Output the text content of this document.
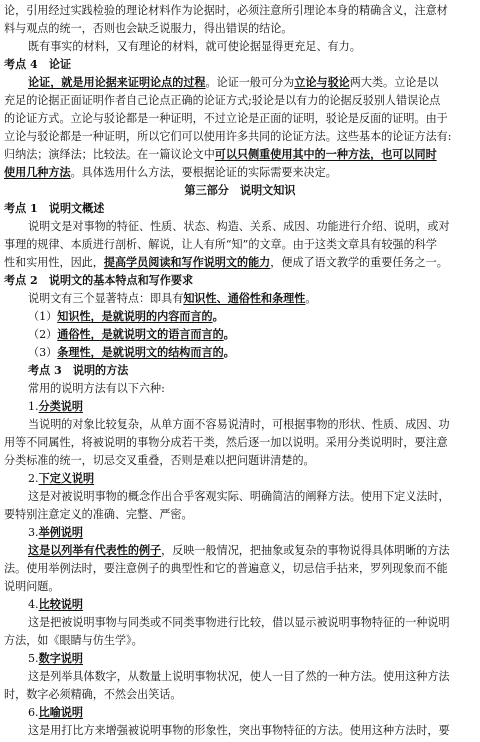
论，引用经过实践检验的理论材料作为论据时，必须注意所引理论本身的精确含义，注意材
料与观点的统一，否则也会缺乏说服力，得出错误的结论。
既有事实的材料，又有理论的材料，就可使论据显得更充足、有力。
考点 4　论证
论证，就是用论据来证明论点的过程。论证一般可分为立论与驳论两大类。立论是以
充足的论据正面证明作者自己论点正确的论证方式;驳论是以有力的论据反驳别人错误论点
的论证方式。立论与驳论都是一种证明，不过立论是正面的证明，驳论是反面的证明。由于
立论与驳论都是一种证明，所以它们可以使用许多共同的论证方法。这些基本的论证方法有:
归纳法；演绎法；比较法。在一篇议论文中可以只侧重使用其中的一种方法，也可以同时
使用几种方法。具体选用什么方法，要根据论证的实际需要来决定。
第三部分　说明文知识
考点 1　说明文概述
说明文是对事物的特征、性质、状态、构造、关系、成因、功能进行介绍、说明，或对
事理的规律、本质进行剖析、解说，让人有所“知”的文章。由于这类文章具有较强的科学
性和实用性，因此，提高学员阅读和写作说明文的能力，便成了语文教学的重要任务之一。
考点 2　说明文的基本特点和写作要求
说明文有三个显著特点：即具有知识性、通俗性和条理性。
（1）知识性，是就说明的内容而言的。
（2）通俗性，是就说明文的语言而言的。
（3）条理性，是就说明文的结构而言的。
考点 3　说明的方法
常用的说明方法有以下六种:
1.分类说明
当说明的对象比较复杂，从单方面不容易说清时，可根据事物的形状、性质、成因、功
用等不同属性，将被说明的事物分成若干类，然后逐一加以说明。采用分类说明时，要注意
分类标准的统一，切忌交叉重叠，否则是难以把问题讲清楚的。
2.下定义说明
这是对被说明事物的概念作出合乎客观实际、明确简洁的阐释方法。使用下定义法时，
要特别注意定义的准确、完整、严密。
3.举例说明
这是以列举有代表性的例子，反映一般情况，把抽象或复杂的事物说得具体明晰的方法
法。使用举例法时，要注意例子的典型性和它的普遍意义，切忌信手拈来，罗列现象而不能
说明问题。
4.比较说明
这是把被说明事物与同类或不同类事物进行比较，借以显示被说明事物特征的一种说明
方法，如《眼睛与仿生学》。
5.数字说明
这是列举具体数字，从数量上说明事物状况，使人一目了然的一种方法。使用这种方法
时，数字必须精确，不然会出笑话。
6.比喻说明
这是用打比方来增强被说明事物的形象性，突出事物特征的方法。使用这种方法时，要
